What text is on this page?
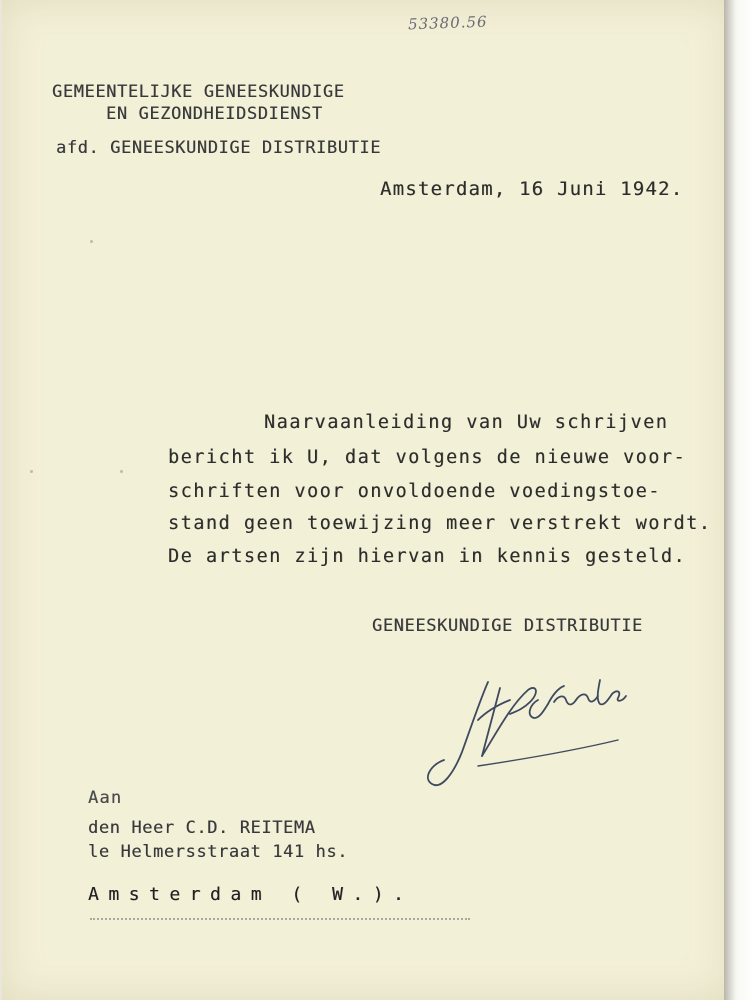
53380.56
GEMEENTELIJKE GENEESKUNDIGE
EN GEZONDHEIDSDIENST
afd. GENEESKUNDIGE DISTRIBUTIE
Amsterdam, 16 Juni 1942.
Naarvaanleiding van Uw schrijven
bericht ik U, dat volgens de nieuwe voor-
schriften voor onvoldoende voedingstoe-
stand geen toewijzing meer verstrekt wordt.
De artsen zijn hiervan in kennis gesteld.
GENEESKUNDIGE DISTRIBUTIE
Aan
den Heer C.D. REITEMA
le Helmersstraat 141 hs.
Amsterdam ( W.).
